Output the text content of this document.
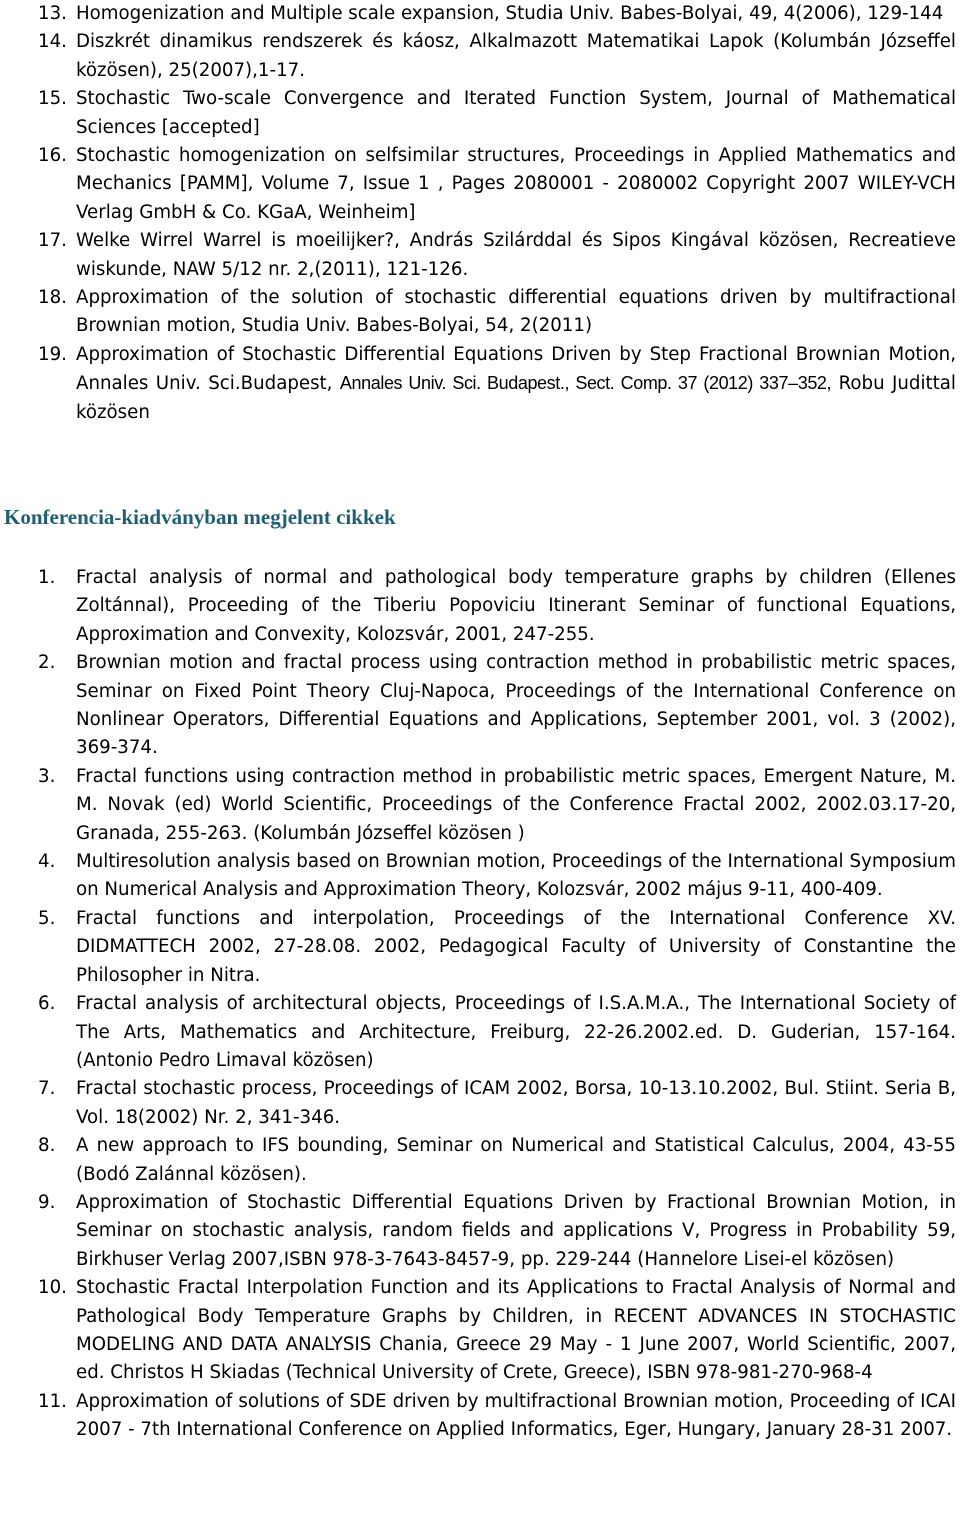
13. Homogenization and Multiple scale expansion, Studia Univ. Babes-Bolyai, 49, 4(2006), 129-144
14. Diszkrét dinamikus rendszerek és káosz, Alkalmazott Matematikai Lapok (Kolumbán Józseffel közösen), 25(2007),1-17.
15. Stochastic Two-scale Convergence and Iterated Function System, Journal of Mathematical Sciences [accepted]
16. Stochastic homogenization on selfsimilar structures, Proceedings in Applied Mathematics and Mechanics [PAMM], Volume 7, Issue 1 , Pages 2080001 - 2080002 Copyright 2007 WILEY-VCH Verlag GmbH & Co. KGaA, Weinheim]
17. Welke Wirrel Warrel is moeilijker?, András Szilárddal és Sipos Kingával közösen, Recreatieve wiskunde, NAW 5/12 nr. 2,(2011), 121-126.
18. Approximation of the solution of stochastic differential equations driven by multifractional Brownian motion, Studia Univ. Babes-Bolyai, 54, 2(2011)
19. Approximation of Stochastic Differential Equations Driven by Step Fractional Brownian Motion, Annales Univ. Sci.Budapest, Annales Univ. Sci. Budapest., Sect. Comp. 37 (2012) 337–352, Robu Judittal közösen
Konferencia-kiadványban megjelent cikkek
1. Fractal analysis of normal and pathological body temperature graphs by children (Ellenes Zoltánnal), Proceeding of the Tiberiu Popoviciu Itinerant Seminar of functional Equations, Approximation and Convexity, Kolozsvár, 2001, 247-255.
2. Brownian motion and fractal process using contraction method in probabilistic metric spaces, Seminar on Fixed Point Theory Cluj-Napoca, Proceedings of the International Conference on Nonlinear Operators, Differential Equations and Applications, September 2001, vol. 3 (2002), 369-374.
3. Fractal functions using contraction method in probabilistic metric spaces, Emergent Nature, M. M. Novak (ed) World Scientific, Proceedings of the Conference Fractal 2002, 2002.03.17-20, Granada, 255-263. (Kolumbán Józseffel közösen )
4. Multiresolution analysis based on Brownian motion, Proceedings of the International Symposium on Numerical Analysis and Approximation Theory, Kolozsvár, 2002 május 9-11, 400-409.
5. Fractal functions and interpolation, Proceedings of the International Conference XV. DIDMATTECH 2002, 27-28.08. 2002, Pedagogical Faculty of University of Constantine the Philosopher in Nitra.
6. Fractal analysis of architectural objects, Proceedings of I.S.A.M.A., The International Society of The Arts, Mathematics and Architecture, Freiburg, 22-26.2002.ed. D. Guderian, 157-164. (Antonio Pedro Limaval közösen)
7. Fractal stochastic process, Proceedings of ICAM 2002, Borsa, 10-13.10.2002, Bul. Stiint. Seria B, Vol. 18(2002) Nr. 2, 341-346.
8. A new approach to IFS bounding, Seminar on Numerical and Statistical Calculus, 2004, 43-55 (Bodó Zalánnal közösen).
9. Approximation of Stochastic Differential Equations Driven by Fractional Brownian Motion, in Seminar on stochastic analysis, random fields and applications V, Progress in Probability 59, Birkhuser Verlag 2007,ISBN 978-3-7643-8457-9, pp. 229-244 (Hannelore Lisei-el közösen)
10. Stochastic Fractal Interpolation Function and its Applications to Fractal Analysis of Normal and Pathological Body Temperature Graphs by Children, in RECENT ADVANCES IN STOCHASTIC MODELING AND DATA ANALYSIS Chania, Greece 29 May - 1 June 2007, World Scientific, 2007, ed. Christos H Skiadas (Technical University of Crete, Greece), ISBN 978-981-270-968-4
11. Approximation of solutions of SDE driven by multifractional Brownian motion, Proceeding of ICAI 2007 - 7th International Conference on Applied Informatics, Eger, Hungary, January 28-31 2007.
